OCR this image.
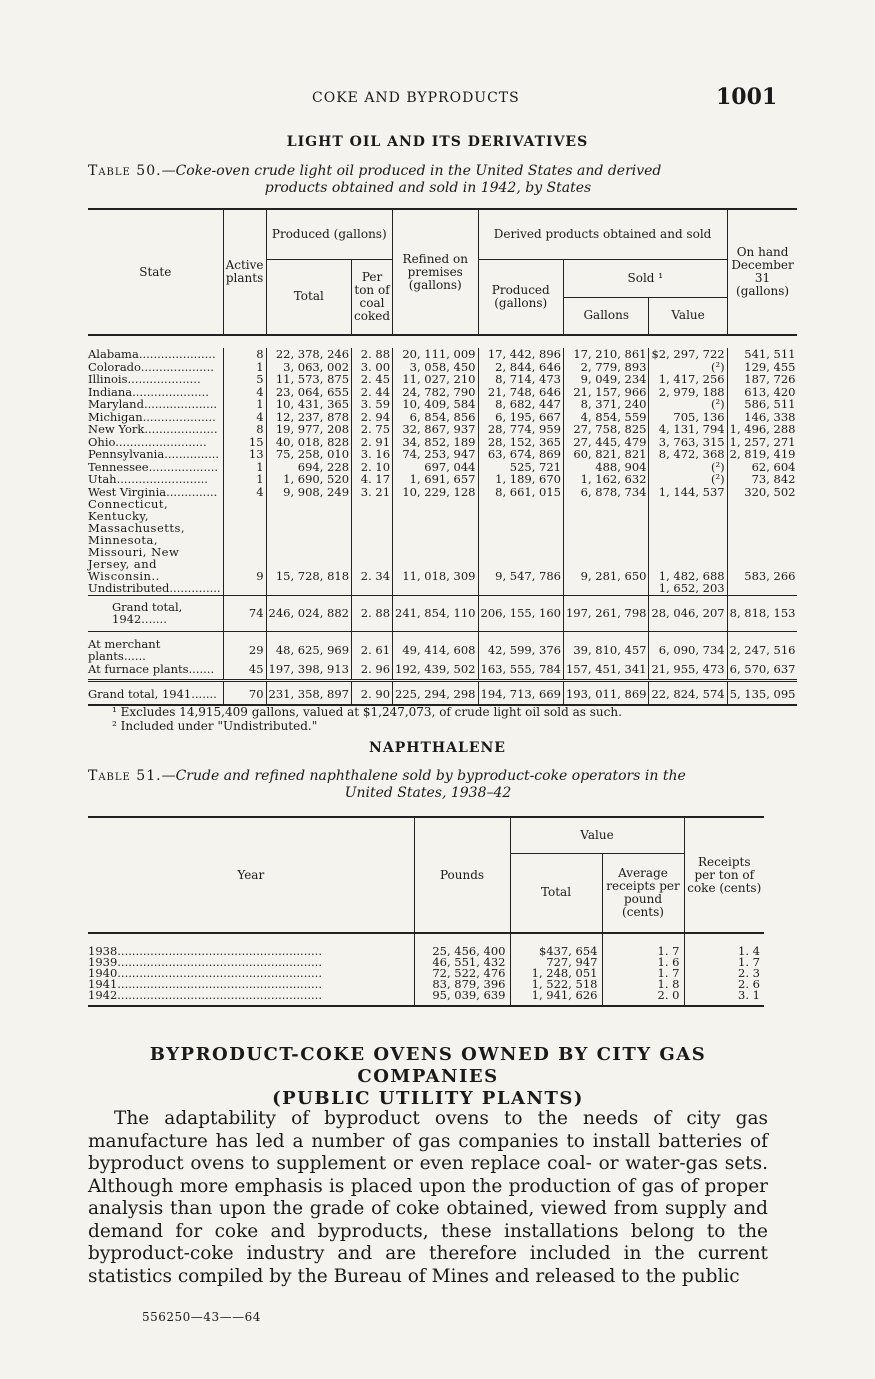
COKE AND BYPRODUCTS	1001
LIGHT OIL AND ITS DERIVATIVES
Table 50.—Coke-oven crude light oil produced in the United States and derived
products obtained and sold in 1942, by States
State	Active plants	Produced (gallons)		Refined on premises (gallons)	Derived products obtained and sold			On hand December 31 (gallons)
		Total	Per ton of coal coked		Produced (gallons)	Sold ¹		
						Gallons	Value	

Alabama.....................	8	22, 378, 246	2. 88	20, 111, 009	17, 442, 896	17, 210, 861	$2, 297, 722	541, 511
Colorado....................	1	3, 063, 002	3. 00	3, 058, 450	2, 844, 646	2, 779, 893	(²)	129, 455
Illinois....................	5	11, 573, 875	2. 45	11, 027, 210	8, 714, 473	9, 049, 234	1, 417, 256	187, 726
Indiana.....................	4	23, 064, 655	2. 44	24, 782, 790	21, 748, 646	21, 157, 966	2, 979, 188	613, 420
Maryland....................	1	10, 431, 365	3. 59	10, 409, 584	8, 682, 447	8, 371, 240	(²)	586, 511
Michigan....................	4	12, 237, 878	2. 94	6, 854, 856	6, 195, 667	4, 854, 559	705, 136	146, 338
New York....................	8	19, 977, 208	2. 75	32, 867, 937	28, 774, 959	27, 758, 825	4, 131, 794	1, 496, 288
Ohio.........................	15	40, 018, 828	2. 91	34, 852, 189	28, 152, 365	27, 445, 479	3, 763, 315	1, 257, 271
Pennsylvania...............	13	75, 258, 010	3. 16	74, 253, 947	63, 674, 869	60, 821, 821	8, 472, 368	2, 819, 419
Tennessee...................	1	694, 228	2. 10	697, 044	525, 721	488, 904	(²)	62, 604
Utah.........................	1	1, 690, 520	4. 17	1, 691, 657	1, 189, 670	1, 162, 632	(²)	73, 842
West Virginia..............	4	9, 908, 249	3. 21	10, 229, 128	8, 661, 015	6, 878, 734	1, 144, 537	320, 502
Connecticut, Kentucky, Massachusetts, Minnesota, Missouri, New Jersey, and Wisconsin..	9	15, 728, 818	2. 34	11, 018, 309	9, 547, 786	9, 281, 650	1, 482, 688	583, 266
Undistributed..............							1, 652, 203	
Grand total, 1942.......	74	246, 024, 882	2. 88	241, 854, 110	206, 155, 160	197, 261, 798	28, 046, 207	8, 818, 153
At merchant plants......	29	48, 625, 969	2. 61	49, 414, 608	42, 599, 376	39, 810, 457	6, 090, 734	2, 247, 516
At furnace plants.......	45	197, 398, 913	2. 96	192, 439, 502	163, 555, 784	157, 451, 341	21, 955, 473	6, 570, 637
Grand total, 1941.......	70	231, 358, 897	2. 90	225, 294, 298	194, 713, 669	193, 011, 869	22, 824, 574	5, 135, 095
¹ Excludes 14,915,409 gallons, valued at $1,247,073, of crude light oil sold as such.
² Included under "Undistributed."
NAPHTHALENE
Table 51.—Crude and refined naphthalene sold by byproduct-coke operators in the
United States, 1938–42
Year	Pounds	Value		Receipts per ton of coke (cents)
		Total	Average receipts per pound (cents)	
1938........................................................	25, 456, 400	$437, 654	1. 7	1. 4
1939........................................................	46, 551, 432	727, 947	1. 6	1. 7
1940........................................................	72, 522, 476	1, 248, 051	1. 7	2. 3
1941........................................................	83, 879, 396	1, 522, 518	1. 8	2. 6
1942........................................................	95, 039, 639	1, 941, 626	2. 0	3. 1
BYPRODUCT-COKE OVENS OWNED BY CITY GAS COMPANIES
(PUBLIC UTILITY PLANTS)

The adaptability of byproduct ovens to the needs of city gas manufacture has led a number of gas companies to install batteries of byproduct ovens to supplement or even replace coal- or water-gas sets. Although more emphasis is placed upon the production of gas of proper analysis than upon the grade of coke obtained, viewed from supply and demand for coke and byproducts, these installations belong to the byproduct-coke industry and are therefore included in the current statistics compiled by the Bureau of Mines and released to the public

556250—43——64
